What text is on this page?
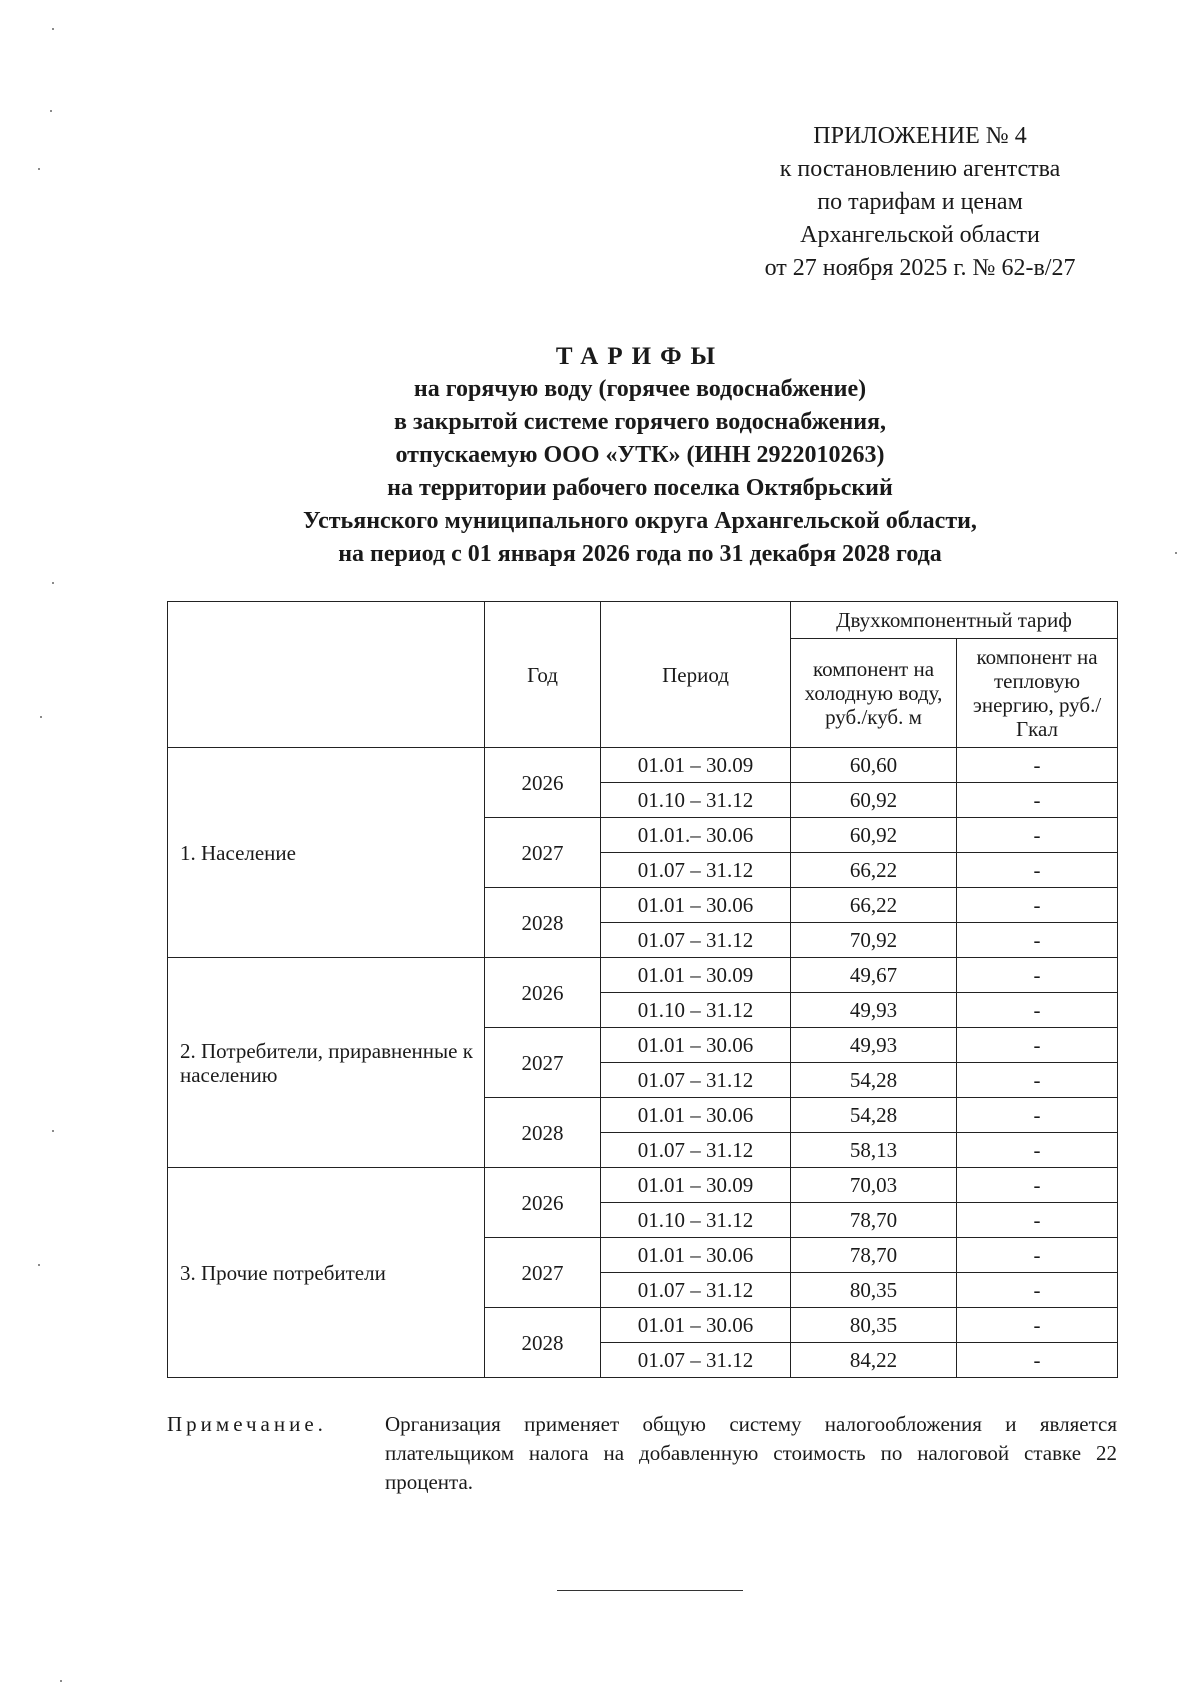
ПРИЛОЖЕНИЕ № 4
к постановлению агентства
по тарифам и ценам
Архангельской области
от 27 ноября 2025 г. № 62-в/27
ТАРИФЫ
на горячую воду (горячее водоснабжение)
в закрытой системе горячего водоснабжения,
отпускаемую ООО «УТК» (ИНН 2922010263)
на территории рабочего поселка Октябрьский
Устьянского муниципального округа Архангельской области,
на период с 01 января 2026 года по 31 декабря 2028 года
	Год	Период	Двухкомпонентный тариф	
			компонент на холодную воду, руб./куб. м	компонент на тепловую энергию, руб./Гкал
1. Население	2026	01.01 – 30.09	60,60	-
		01.10 – 31.12	60,92	-
	2027	01.01.– 30.06	60,92	-
		01.07 – 31.12	66,22	-
	2028	01.01 – 30.06	66,22	-
		01.07 – 31.12	70,92	-
2. Потребители, приравненные к населению	2026	01.01 – 30.09	49,67	-
		01.10 – 31.12	49,93	-
	2027	01.01 – 30.06	49,93	-
		01.07 – 31.12	54,28	-
	2028	01.01 – 30.06	54,28	-
		01.07 – 31.12	58,13	-
3. Прочие потребители	2026	01.01 – 30.09	70,03	-
		01.10 – 31.12	78,70	-
	2027	01.01 – 30.06	78,70	-
		01.07 – 31.12	80,35	-
	2028	01.01 – 30.06	80,35	-
		01.07 – 31.12	84,22	-
Примечание.	Организация применяет общую систему налогообложения и является плательщиком налога на добавленную стоимость по налоговой ставке 22 процента.
